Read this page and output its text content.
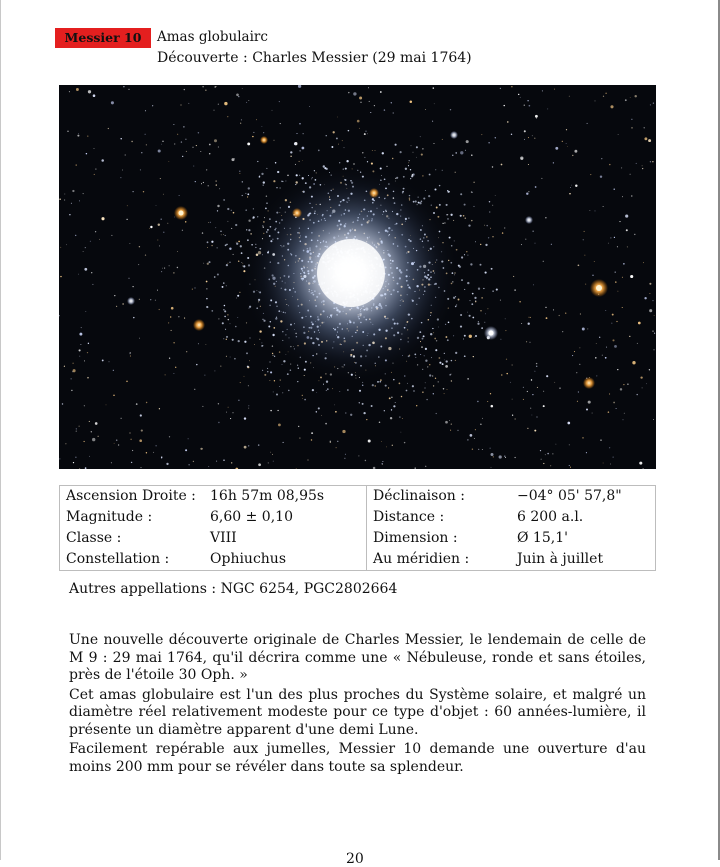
Messier 10	Amas globulairc
Découverte : Charles Messier (29 mai 1764)
Ascension Droite :	16h 57m 08,95s	Déclinaison :	−04° 05' 57,8"
Magnitude :	6,60 ± 0,10	Distance :	6 200 a.l.
Classe :	VIII	Dimension :	Ø 15,1'
Constellation :	Ophiuchus	Au méridien :	Juin à juillet
Autres appellations : NGC 6254, PGC2802664

Une nouvelle découverte originale de Charles Messier, le lendemain de celle de M 9 : 29 mai 1764, qu'il décrira comme une « Nébuleuse, ronde et sans étoiles, près de l'étoile 30 Oph. »

Cet amas globulaire est l'un des plus proches du Système solaire, et malgré un diamètre réel relativement modeste pour ce type d'objet : 60 années-lumière, il présente un diamètre apparent d'une demi Lune.

Facilement repérable aux jumelles, Messier 10 demande une ouverture d'au moins 200 mm pour se révéler dans toute sa splendeur.

20
